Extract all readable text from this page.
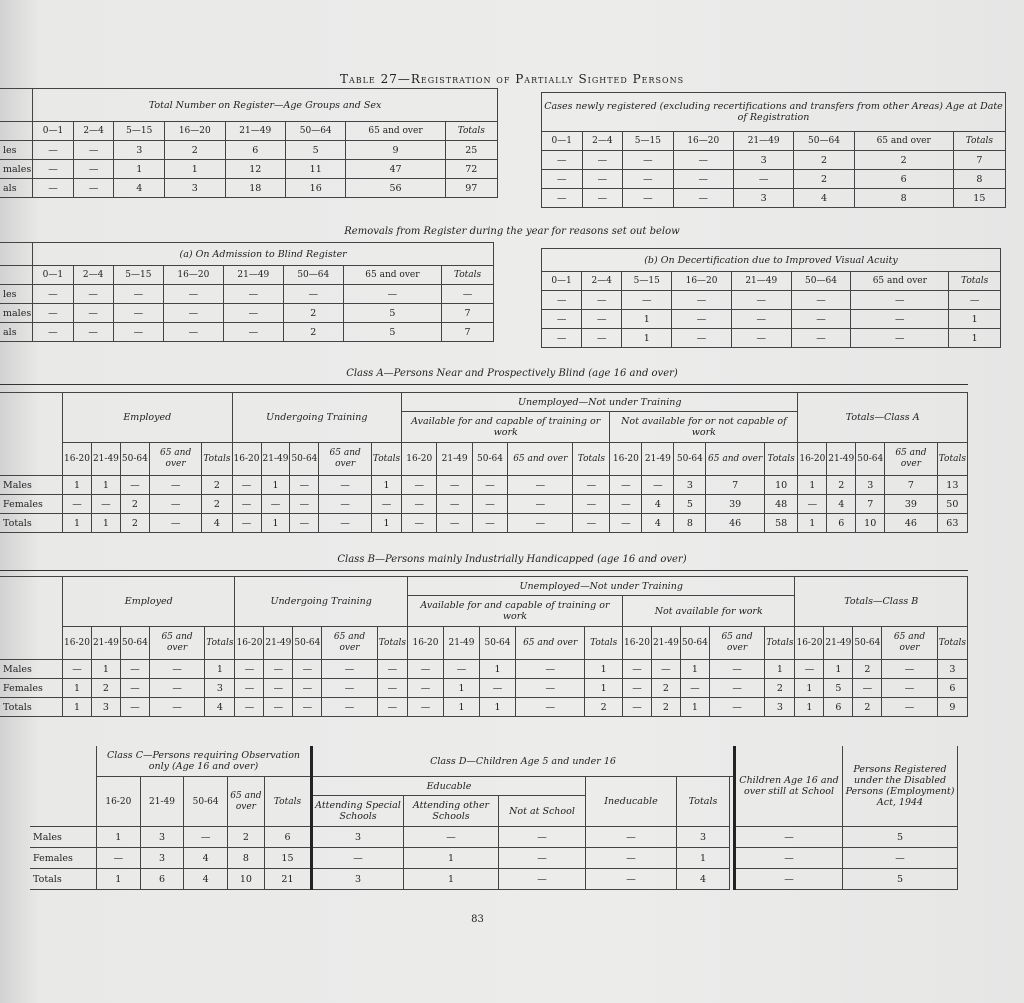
Table 27—Registration of Partially Sighted Persons
	Total Number on Register—Age Groups and Sex							
	0—1	2—4	5—15	16—20	21—49	50—64	65 and over	Totals
les	—	—	3	2	6	5	9	25
males	—	—	1	1	12	11	47	72
als	—	—	4	3	18	16	56	97
Cases newly registered (excluding recertifications and transfers from other Areas) Age at Date of Registration							
0—1	2—4	5—15	16—20	21—49	50—64	65 and over	Totals
—	—	—	—	3	2	2	7
—	—	—	—	—	2	6	8
—	—	—	—	3	4	8	15
Removals from Register during the year for reasons set out below
	(a) On Admission to Blind Register							
	0—1	2—4	5—15	16—20	21—49	50—64	65 and over	Totals
les	—	—	—	—	—	—	—	—
males	—	—	—	—	—	2	5	7
als	—	—	—	—	—	2	5	7
(b) On Decertification due to Improved Visual Acuity							
0—1	2—4	5—15	16—20	21—49	50—64	65 and over	Totals
—	—	—	—	—	—	—	—
—	—	1	—	—	—	—	1
—	—	1	—	—	—	—	1
Class A—Persons Near and Prospectively Blind (age 16 and over)
	Employed					Undergoing Training					Unemployed—Not under Training										Totals—Class A				
											Available for and capable of training or work					Not available for or not capable of work									
	16-20	21-49	50-64	65 and over	Totals	16-20	21-49	50-64	65 and over	Totals	16-20	21-49	50-64	65 and over	Totals	16-20	21-49	50-64	65 and over	Totals	16-20	21-49	50-64	65 and over	Totals
Males	1	1	—	—	2	—	1	—	—	1	—	—	—	—	—	—	—	3	7	10	1	2	3	7	13
Females	—	—	2	—	2	—	—	—	—	—	—	—	—	—	—	—	4	5	39	48	—	4	7	39	50
Totals	1	1	2	—	4	—	1	—	—	1	—	—	—	—	—	—	4	8	46	58	1	6	10	46	63
Class B—Persons mainly Industrially Handicapped (age 16 and over)
	Employed					Undergoing Training					Unemployed—Not under Training										Totals—Class B				
											Available for and capable of training or work					Not available for work									
	16-20	21-49	50-64	65 and over	Totals	16-20	21-49	50-64	65 and over	Totals	16-20	21-49	50-64	65 and over	Totals	16-20	21-49	50-64	65 and over	Totals	16-20	21-49	50-64	65 and over	Totals
Males	—	1	—	—	1	—	—	—	—	—	—	—	1	—	1	—	—	1	—	1	—	1	2	—	3
Females	1	2	—	—	3	—	—	—	—	—	—	1	—	—	1	—	2	—	—	2	1	5	—	—	6
Totals	1	3	—	—	4	—	—	—	—	—	—	1	1	—	2	—	2	1	—	3	1	6	2	—	9
	Class C—Persons requiring Observation only (Age 16 and over)					Class D—Children Age 5 and under 16						Children Age 16 and over still at School	Persons Registered under the Disabled Persons (Employment) Act, 1944
	16-20	21-49	50-64	65 and over	Totals	Educable			Ineducable	Totals			
						Attending Special Schools	Attending other Schools	Not at School					
Males	1	3	—	2	6	3	—	—	—	3		—	5
Females	—	3	4	8	15	—	1	—	—	1		—	—
Totals	1	6	4	10	21	3	1	—	—	4		—	5
83
